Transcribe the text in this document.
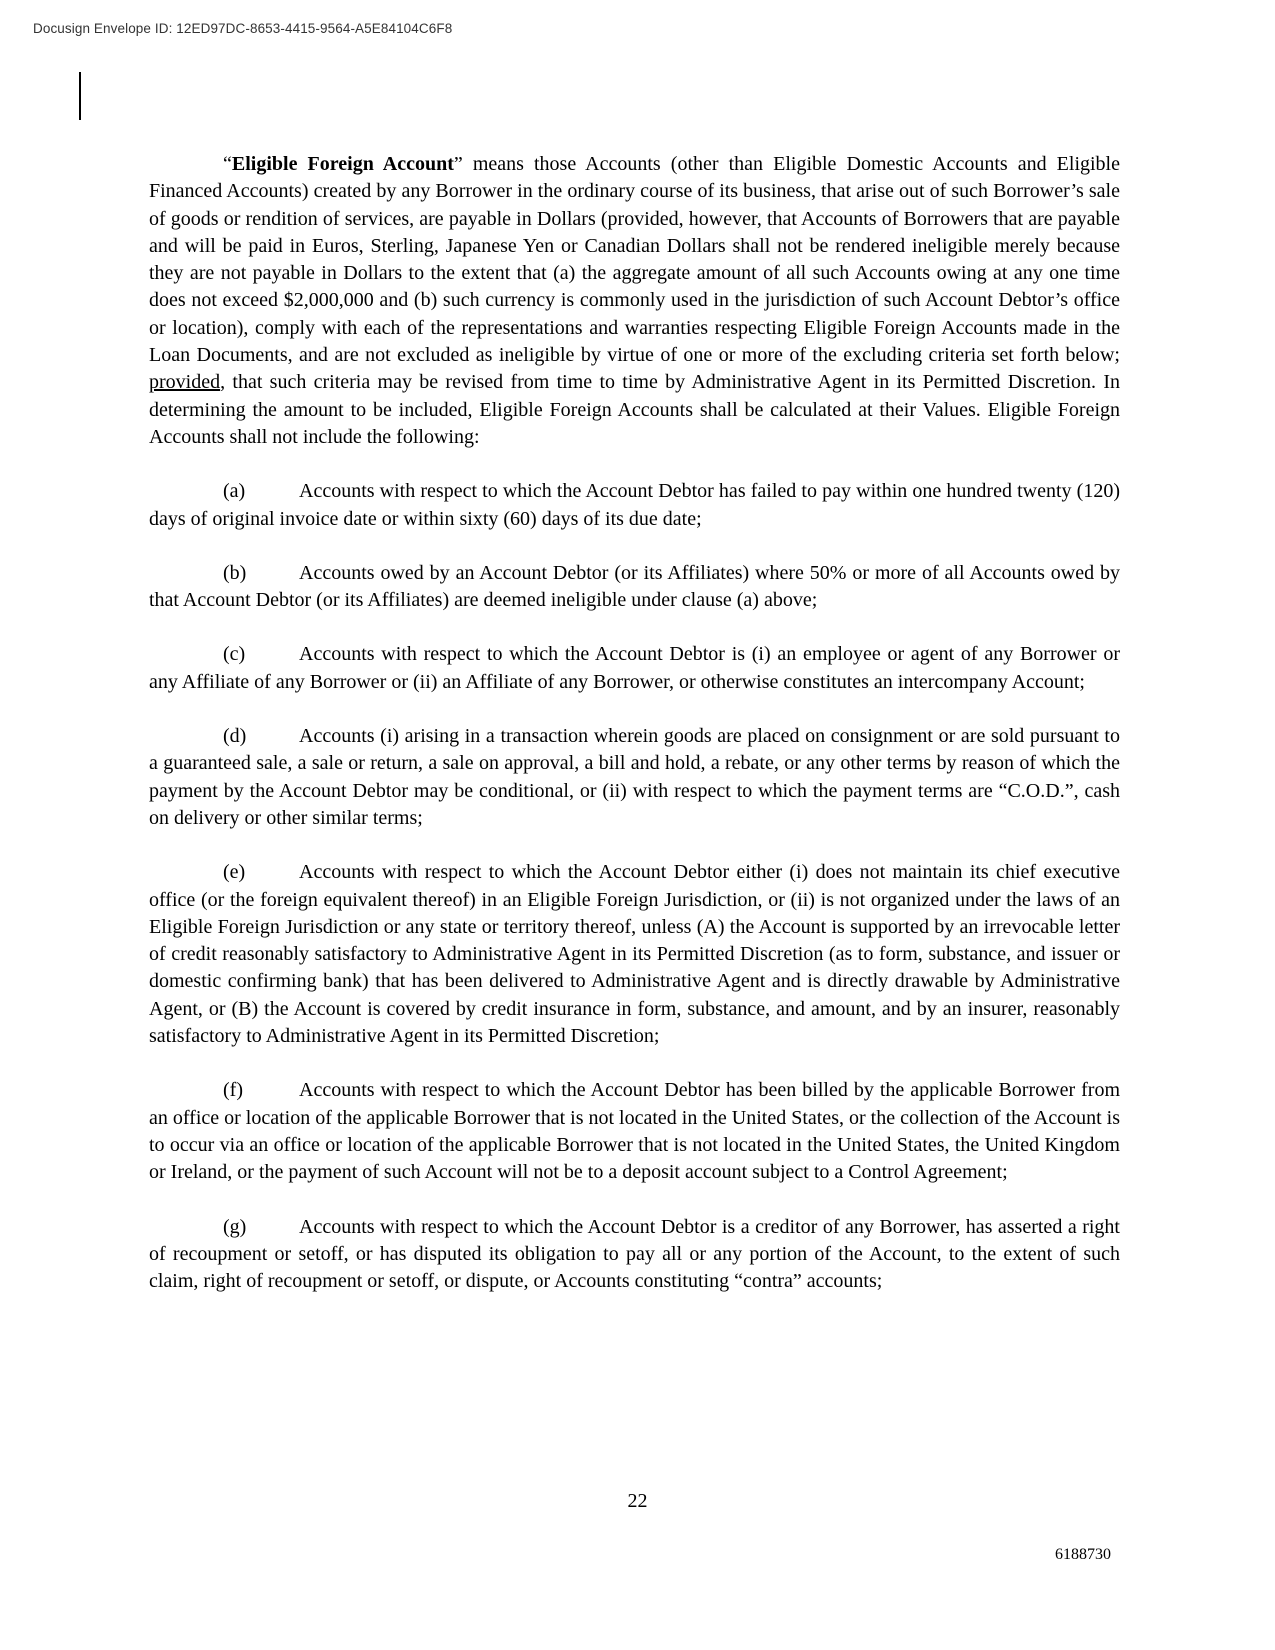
Docusign Envelope ID: 12ED97DC-8653-4415-9564-A5E84104C6F8

“Eligible Foreign Account” means those Accounts (other than Eligible Domestic Accounts and Eligible Financed Accounts) created by any Borrower in the ordinary course of its business, that arise out of such Borrower’s sale of goods or rendition of services, are payable in Dollars (provided, however, that Accounts of Borrowers that are payable and will be paid in Euros, Sterling, Japanese Yen or Canadian Dollars shall not be rendered ineligible merely because they are not payable in Dollars to the extent that (a) the aggregate amount of all such Accounts owing at any one time does not exceed $2,000,000 and (b) such currency is commonly used in the jurisdiction of such Account Debtor’s office or location), comply with each of the representations and warranties respecting Eligible Foreign Accounts made in the Loan Documents, and are not excluded as ineligible by virtue of one or more of the excluding criteria set forth below; provided, that such criteria may be revised from time to time by Administrative Agent in its Permitted Discretion. In determining the amount to be included, Eligible Foreign Accounts shall be calculated at their Values. Eligible Foreign Accounts shall not include the following:

(a)	Accounts with respect to which the Account Debtor has failed to pay within one hundred twenty (120) days of original invoice date or within sixty (60) days of its due date;

(b)	Accounts owed by an Account Debtor (or its Affiliates) where 50% or more of all Accounts owed by that Account Debtor (or its Affiliates) are deemed ineligible under clause (a) above;

(c)	Accounts with respect to which the Account Debtor is (i) an employee or agent of any Borrower or any Affiliate of any Borrower or (ii) an Affiliate of any Borrower, or otherwise constitutes an intercompany Account;

(d)	Accounts (i) arising in a transaction wherein goods are placed on consignment or are sold pursuant to a guaranteed sale, a sale or return, a sale on approval, a bill and hold, a rebate, or any other terms by reason of which the payment by the Account Debtor may be conditional, or (ii) with respect to which the payment terms are “C.O.D.”, cash on delivery or other similar terms;

(e)	Accounts with respect to which the Account Debtor either (i) does not maintain its chief executive office (or the foreign equivalent thereof) in an Eligible Foreign Jurisdiction, or (ii) is not organized under the laws of an Eligible Foreign Jurisdiction or any state or territory thereof, unless (A) the Account is supported by an irrevocable letter of credit reasonably satisfactory to Administrative Agent in its Permitted Discretion (as to form, substance, and issuer or domestic confirming bank) that has been delivered to Administrative Agent and is directly drawable by Administrative Agent, or (B) the Account is covered by credit insurance in form, substance, and amount, and by an insurer, reasonably satisfactory to Administrative Agent in its Permitted Discretion;

(f)	Accounts with respect to which the Account Debtor has been billed by the applicable Borrower from an office or location of the applicable Borrower that is not located in the United States, or the collection of the Account is to occur via an office or location of the applicable Borrower that is not located in the United States, the United Kingdom or Ireland, or the payment of such Account will not be to a deposit account subject to a Control Agreement;

(g)	Accounts with respect to which the Account Debtor is a creditor of any Borrower, has asserted a right of recoupment or setoff, or has disputed its obligation to pay all or any portion of the Account, to the extent of such claim, right of recoupment or setoff, or dispute, or Accounts constituting “contra” accounts;

22
6188730
